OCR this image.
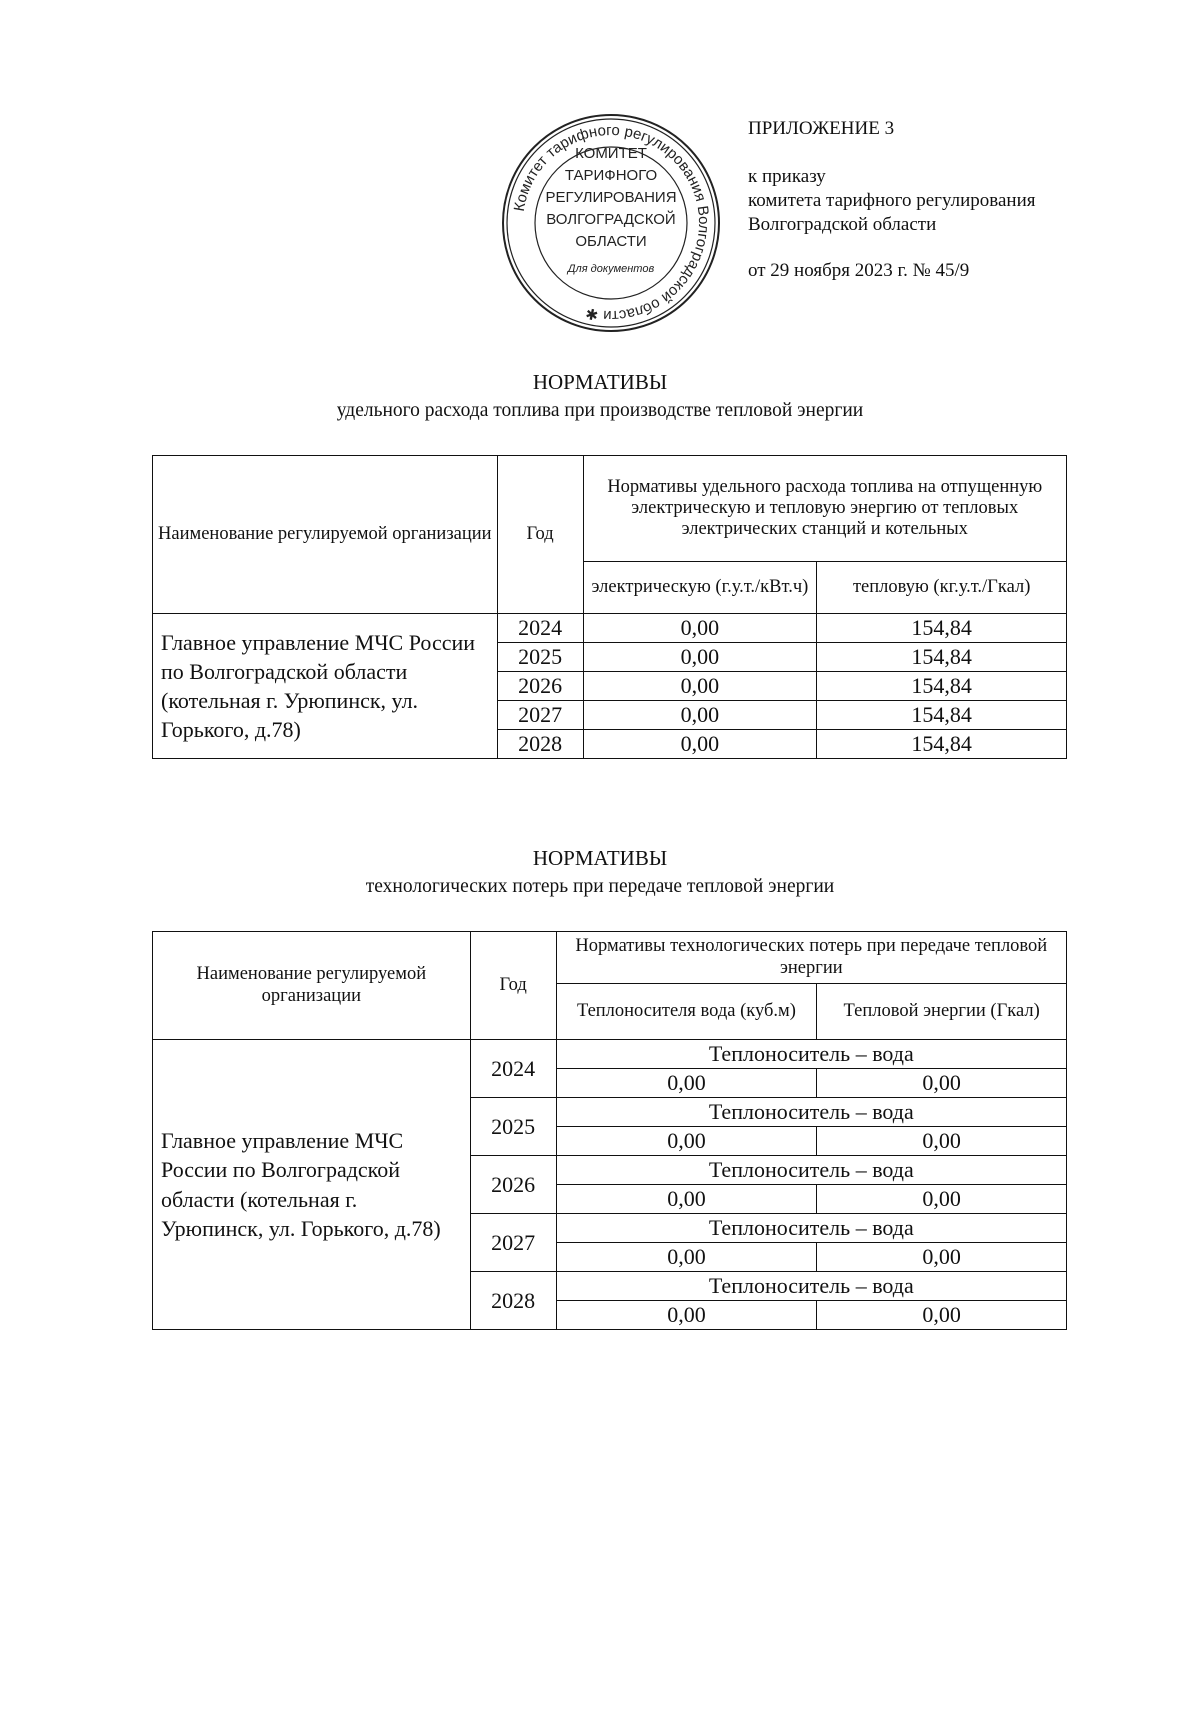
Комитет тарифного регулирования Волгоградской области ✱
КОМИТЕТ
ТАРИФНОГО
РЕГУЛИРОВАНИЯ
ВОЛГОГРАДСКОЙ
ОБЛАСТИ
Для документов
ПРИЛОЖЕНИЕ 3
к приказу
комитета тарифного регулирования
Волгоградской области
от 29 ноября 2023 г. № 45/9
НОРМАТИВЫ
удельного расхода топлива при производстве тепловой энергии
Наименование регулируемой организации	Год	Нормативы удельного расхода топлива на отпущенную электрическую и тепловую энергию от тепловых электрических станций и котельных	
		электрическую (г.у.т./кВт.ч)	тепловую (кг.у.т./Гкал)
Главное управление МЧС России по Волгоградской области (котельная г. Урюпинск, ул. Горького, д.78)	2024	0,00	154,84
	2025	0,00	154,84
	2026	0,00	154,84
	2027	0,00	154,84
	2028	0,00	154,84
НОРМАТИВЫ
технологических потерь при передаче тепловой энергии
Наименование регулируемой организации	Год	Нормативы технологических потерь при передаче тепловой энергии	
		Теплоносителя вода (куб.м)	Тепловой энергии (Гкал)
Главное управление МЧС России по Волгоградской области (котельная г. Урюпинск, ул. Горького, д.78)	2024	Теплоноситель – вода	
		0,00	0,00
	2025	Теплоноситель – вода	
		0,00	0,00
	2026	Теплоноситель – вода	
		0,00	0,00
	2027	Теплоноситель – вода	
		0,00	0,00
	2028	Теплоноситель – вода	
		0,00	0,00
